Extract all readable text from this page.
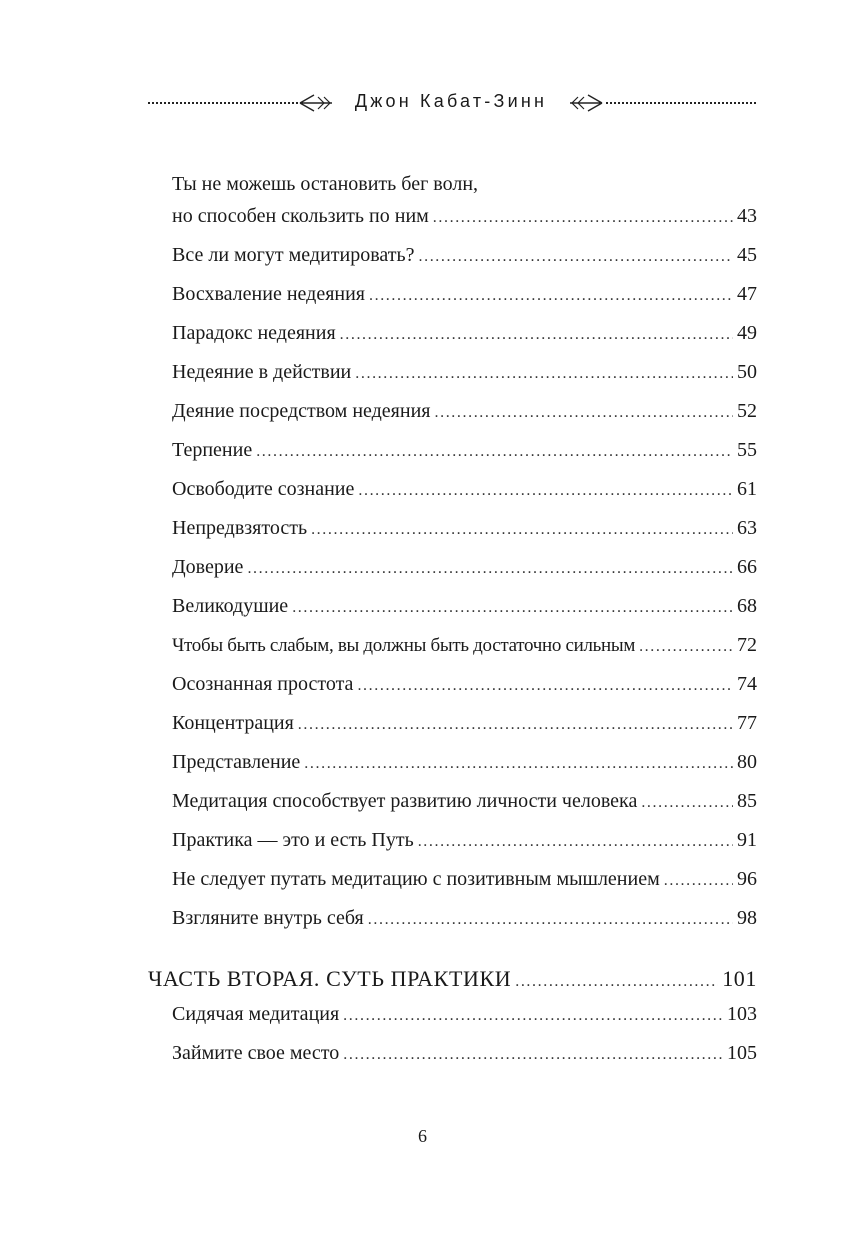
Джон Кабат-Зинн
Ты не можешь остановить бег волн,
но способен скользить по ним . . .	43
Все ли могут медитировать? . . .	45
Восхваление недеяния . . .	47
Парадокс недеяния . . .	49
Недеяние в действии . . .	50
Деяние посредством недеяния . . .	52
Терпение . . .	55
Освободите сознание . . .	61
Непредвзятость . . .	63
Доверие . . .	66
Великодушие . . .	68
Чтобы быть слабым, вы должны быть достаточно сильным . . .	72
Осознанная простота . . .	74
Концентрация . . .	77
Представление . . .	80
Медитация способствует развитию личности человека . . .	85
Практика — это и есть Путь . . .	91
Не следует путать медитацию с позитивным мышлением . . .	96
Взгляните внутрь себя . . .	98
ЧАСТЬ ВТОРАЯ. СУТЬ ПРАКТИКИ . . .	101
Сидячая медитация . . .	103
Займите свое место . . .	105
6
